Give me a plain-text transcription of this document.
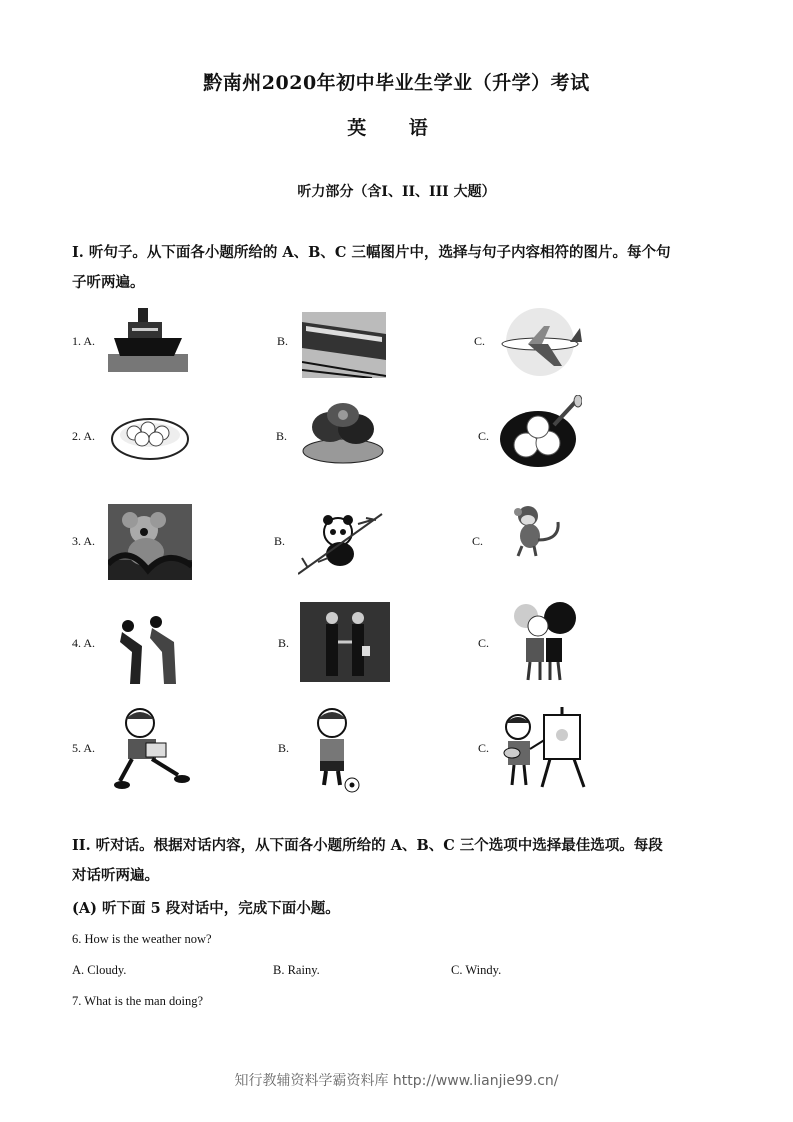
黔南州2020年初中毕业生学业（升学）考试
英 语
听力部分（含I、II、III 大题）
I. 听句子。从下面各小题所给的 A、B、C 三幅图片中，选择与句子内容相符的图片。每个句
子听两遍。
1. A.	B.	C.
2. A.	B.	C.
3. A.	B.	C.
4. A.	B.	C.
5. A.	B.	C.
II. 听对话。根据对话内容，从下面各小题所给的 A、B、C 三个选项中选择最佳选项。每段
对话听两遍。
(A) 听下面 5 段对话中，完成下面小题。
6. How is the weather now?
A. Cloudy.	B. Rainy.	C. Windy.
7. What is the man doing?
知行教辅资料学霸资料库 http://www.lianjie99.cn/
